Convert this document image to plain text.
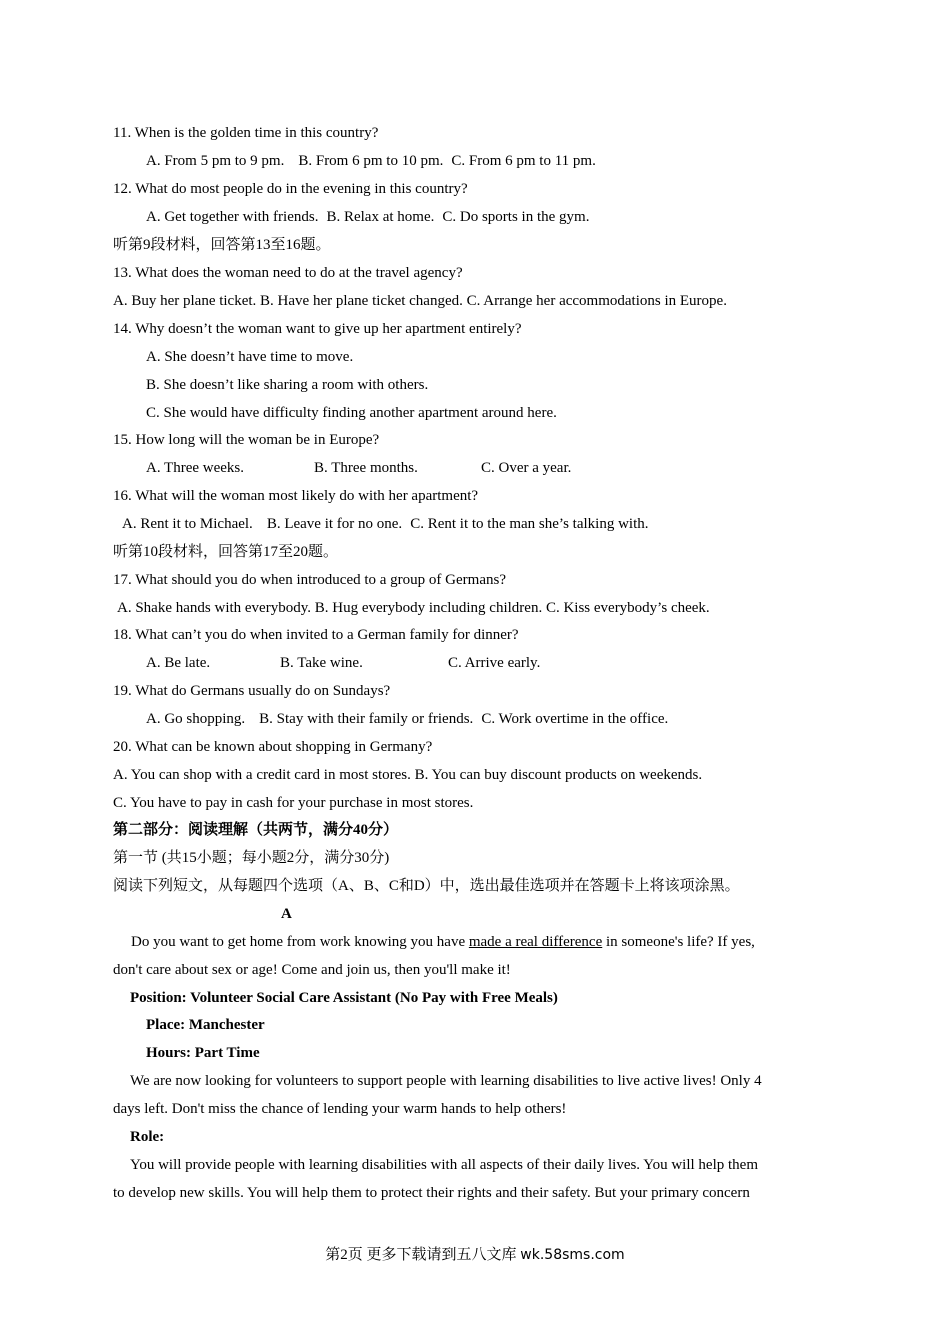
11. When is the golden time in this country?
A. From 5 pm to 9 pm. B. From 6 pm to 10 pm. C. From 6 pm to 11 pm.
12. What do most people do in the evening in this country?
A. Get together with friends. B. Relax at home. C. Do sports in the gym.
听第9段材料，回答第13至16题。
13. What does the woman need to do at the travel agency?
A. Buy her plane ticket. B. Have her plane ticket changed. C. Arrange her accommodations in Europe.
14. Why doesn’t the woman want to give up her apartment entirely?
A. She doesn’t have time to move.
B. She doesn’t like sharing a room with others.
C. She would have difficulty finding another apartment around here.
15. How long will the woman be in Europe?
A. Three weeks.	B. Three months.	C. Over a year.
16. What will the woman most likely do with her apartment?
A. Rent it to Michael. B. Leave it for no one. C. Rent it to the man she’s talking with.
听第10段材料，回答第17至20题。
17. What should you do when introduced to a group of Germans?
A. Shake hands with everybody. B. Hug everybody including children. C. Kiss everybody’s cheek.
18. What can’t you do when invited to a German family for dinner?
A. Be late.	B. Take wine.	C. Arrive early.
19. What do Germans usually do on Sundays?
A. Go shopping. B. Stay with their family or friends. C. Work overtime in the office.
20. What can be known about shopping in Germany?
A. You can shop with a credit card in most stores. B. You can buy discount products on weekends.
C. You have to pay in cash for your purchase in most stores.
第二部分：阅读理解（共两节，满分40分）
第一节 (共15小题；每小题2分，满分30分)
阅读下列短文，从每题四个选项（A、B、C和D）中，选出最佳选项并在答题卡上将该项涂黑。
A
Do you want to get home from work knowing you have made a real difference in someone's life? If yes,
don't care about sex or age! Come and join us, then you'll make it!
Position: Volunteer Social Care Assistant (No Pay with Free Meals)
Place: Manchester
Hours: Part Time
We are now looking for volunteers to support people with learning disabilities to live active lives! Only 4
days left. Don't miss the chance of lending your warm hands to help others!
Role:
You will provide people with learning disabilities with all aspects of their daily lives. You will help them
to develop new skills. You will help them to protect their rights and their safety. But your primary concern
第2页 更多下载请到五八文库 wk.58sms.com
